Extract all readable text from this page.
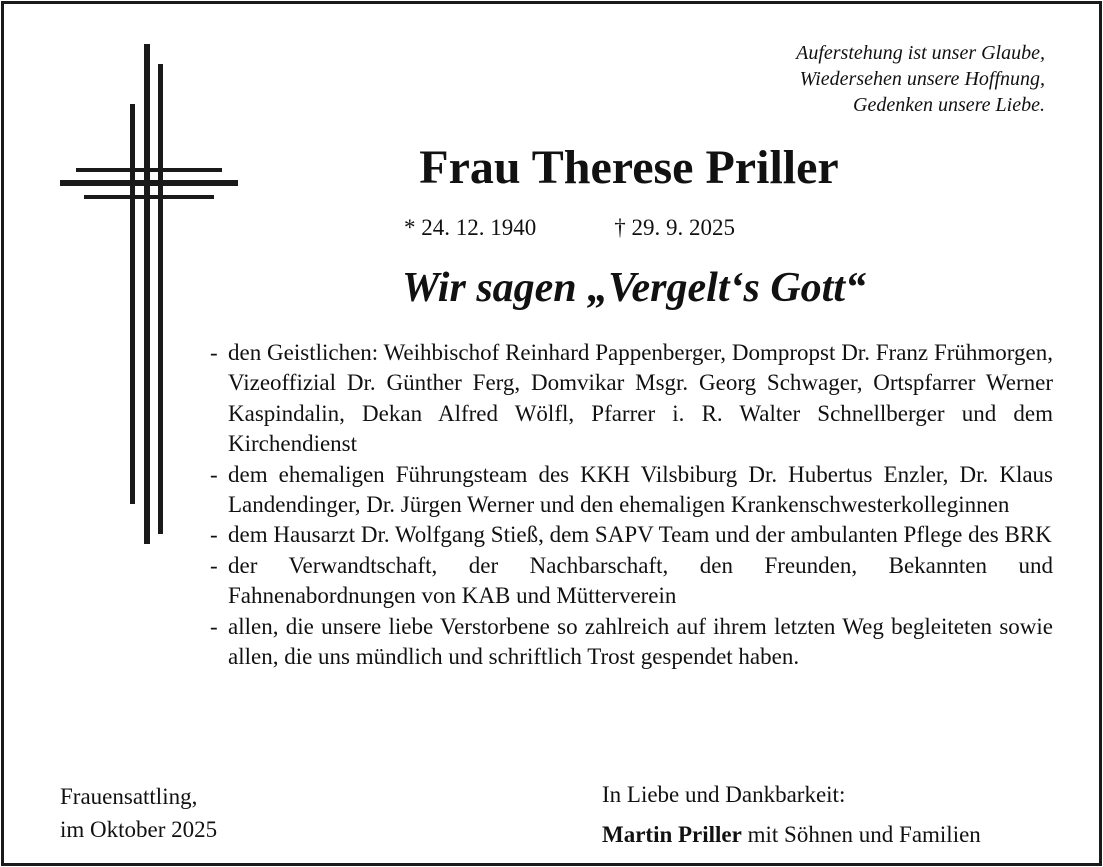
Auferstehung ist unser Glaube,
Wiedersehen unsere Hoffnung,
Gedenken unsere Liebe.
Frau Therese Priller
* 24. 12. 1940	† 29. 9. 2025
Wir sagen „Vergelt‘s Gott“
- den Geistlichen: Weihbischof Reinhard Pappenberger, Dompropst Dr. Franz Frühmorgen, Vizeoffizial Dr. Günther Ferg, Domvikar Msgr. Georg Schwager, Ortspfarrer Werner Kaspindalin, Dekan Alfred Wölfl, Pfarrer i. R. Walter Schnellberger und dem Kirchendienst
- dem ehemaligen Führungsteam des KKH Vilsbiburg Dr. Hubertus Enzler, Dr. Klaus Landendinger, Dr. Jürgen Werner und den ehemaligen Krankenschwesterkolleginnen
- dem Hausarzt Dr. Wolfgang Stieß, dem SAPV Team und der ambulanten Pflege des BRK
- der Verwandtschaft, der Nachbarschaft, den Freunden, Bekannten und Fahnenabordnungen von KAB und Mütterverein
- allen, die unsere liebe Verstorbene so zahlreich auf ihrem letzten Weg begleiteten sowie allen, die uns mündlich und schriftlich Trost gespendet haben.
Frauensattling,
im Oktober 2025
In Liebe und Dankbarkeit:
Martin Priller mit Söhnen und Familien
